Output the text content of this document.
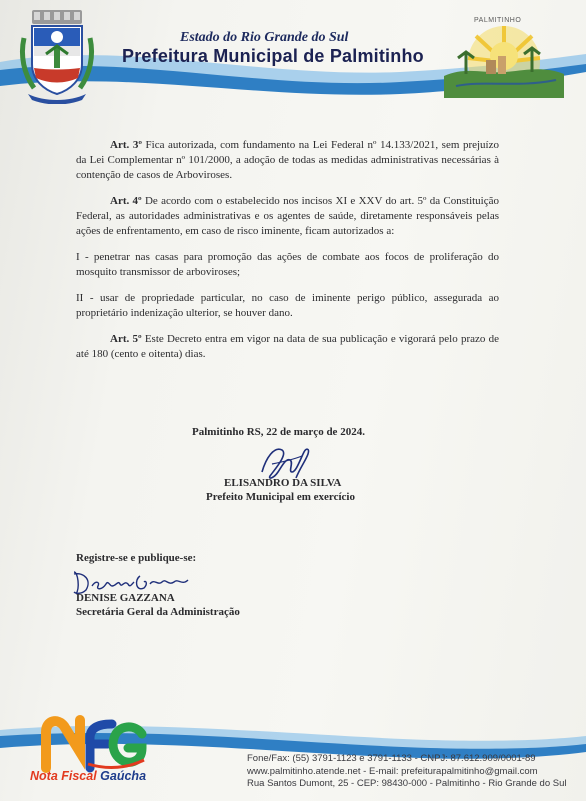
Estado do Rio Grande do Sul
Prefeitura Municipal de Palmitinho
PALMITINHO

Art. 3º Fica autorizada, com fundamento na Lei Federal nº 14.133/2021, sem prejuízo da Lei Complementar nº 101/2000, a adoção de todas as medidas administrativas necessárias à contenção de casos de Arboviroses.

Art. 4º De acordo com o estabelecido nos incisos XI e XXV do art. 5º da Constituição Federal, as autoridades administrativas e os agentes de saúde, diretamente responsáveis pelas ações de enfrentamento, em caso de risco iminente, ficam autorizados a:

I - penetrar nas casas para promoção das ações de combate aos focos de proliferação do mosquito transmissor de arboviroses;

II - usar de propriedade particular, no caso de iminente perigo público, assegurada ao proprietário indenização ulterior, se houver dano.

Art. 5º Este Decreto entra em vigor na data de sua publicação e vigorará pelo prazo de até 180 (cento e oitenta) dias.

Palmitinho RS, 22 de março de 2024.
ELISANDRO DA SILVA
Prefeito Municipal em exercício
Registre-se e publique-se:
DENISE GAZZANA
Secretária Geral da Administração
Nota Fiscal Gaúcha
Fone/Fax: (55) 3791-1123 e 3791-1133 - CNPJ: 87.612.909/0001-89
www.palmitinho.atende.net - E-mail: prefeiturapalmitinho@gmail.com
Rua Santos Dumont, 25 - CEP: 98430-000 - Palmitinho - Rio Grande do Sul
